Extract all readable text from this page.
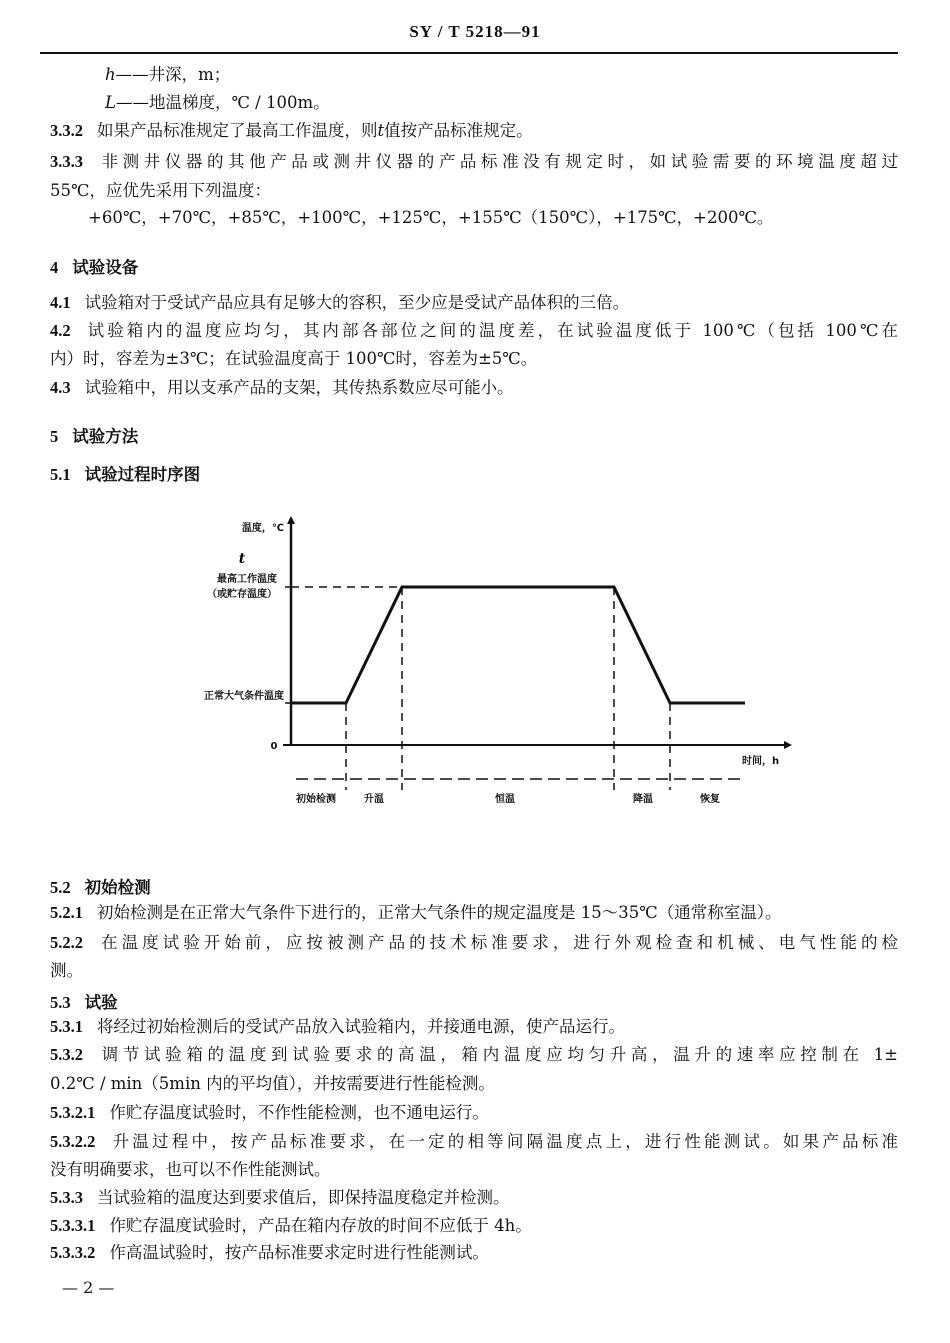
SY / T 5218—91
h——井深，m；
L——地温梯度，℃ / 100m。
3.3.2 如果产品标准规定了最高工作温度，则t值按产品标准规定。
3.3.3 非测井仪器的其他产品或测井仪器的产品标准没有规定时，如试验需要的环境温度超过
55℃，应优先采用下列温度：
+60℃，+70℃，+85℃，+100℃，+125℃，+155℃（150℃），+175℃，+200℃。
4 试验设备
4.1 试验箱对于受试产品应具有足够大的容积，至少应是受试产品体积的三倍。
4.2 试验箱内的温度应均匀，其内部各部位之间的温度差，在试验温度低于 100℃（包括 100℃在
内）时，容差为±3℃；在试验温度高于 100℃时，容差为±5℃。
4.3 试验箱中，用以支承产品的支架，其传热系数应尽可能小。
5 试验方法
5.1 试验过程时序图
温度，℃
t
最高工作温度
（或贮存温度）
正常大气条件温度
0
时间，h
初始检测	升温	恒温	降温	恢复
5.2 初始检测
5.2.1 初始检测是在正常大气条件下进行的，正常大气条件的规定温度是 15～35℃（通常称室温）。
5.2.2 在温度试验开始前，应按被测产品的技术标准要求，进行外观检查和机械、电气性能的检
测。
5.3 试验
5.3.1 将经过初始检测后的受试产品放入试验箱内，并接通电源，使产品运行。
5.3.2 调节试验箱的温度到试验要求的高温，箱内温度应均匀升高，温升的速率应控制在 1±
0.2℃ / min（5min 内的平均值），并按需要进行性能检测。
5.3.2.1 作贮存温度试验时，不作性能检测，也不通电运行。
5.3.2.2 升温过程中，按产品标准要求，在一定的相等间隔温度点上，进行性能测试。如果产品标准
没有明确要求，也可以不作性能测试。
5.3.3 当试验箱的温度达到要求值后，即保持温度稳定并检测。
5.3.3.1 作贮存温度试验时，产品在箱内存放的时间不应低于 4h。
5.3.3.2 作高温试验时，按产品标准要求定时进行性能测试。
— 2 —
